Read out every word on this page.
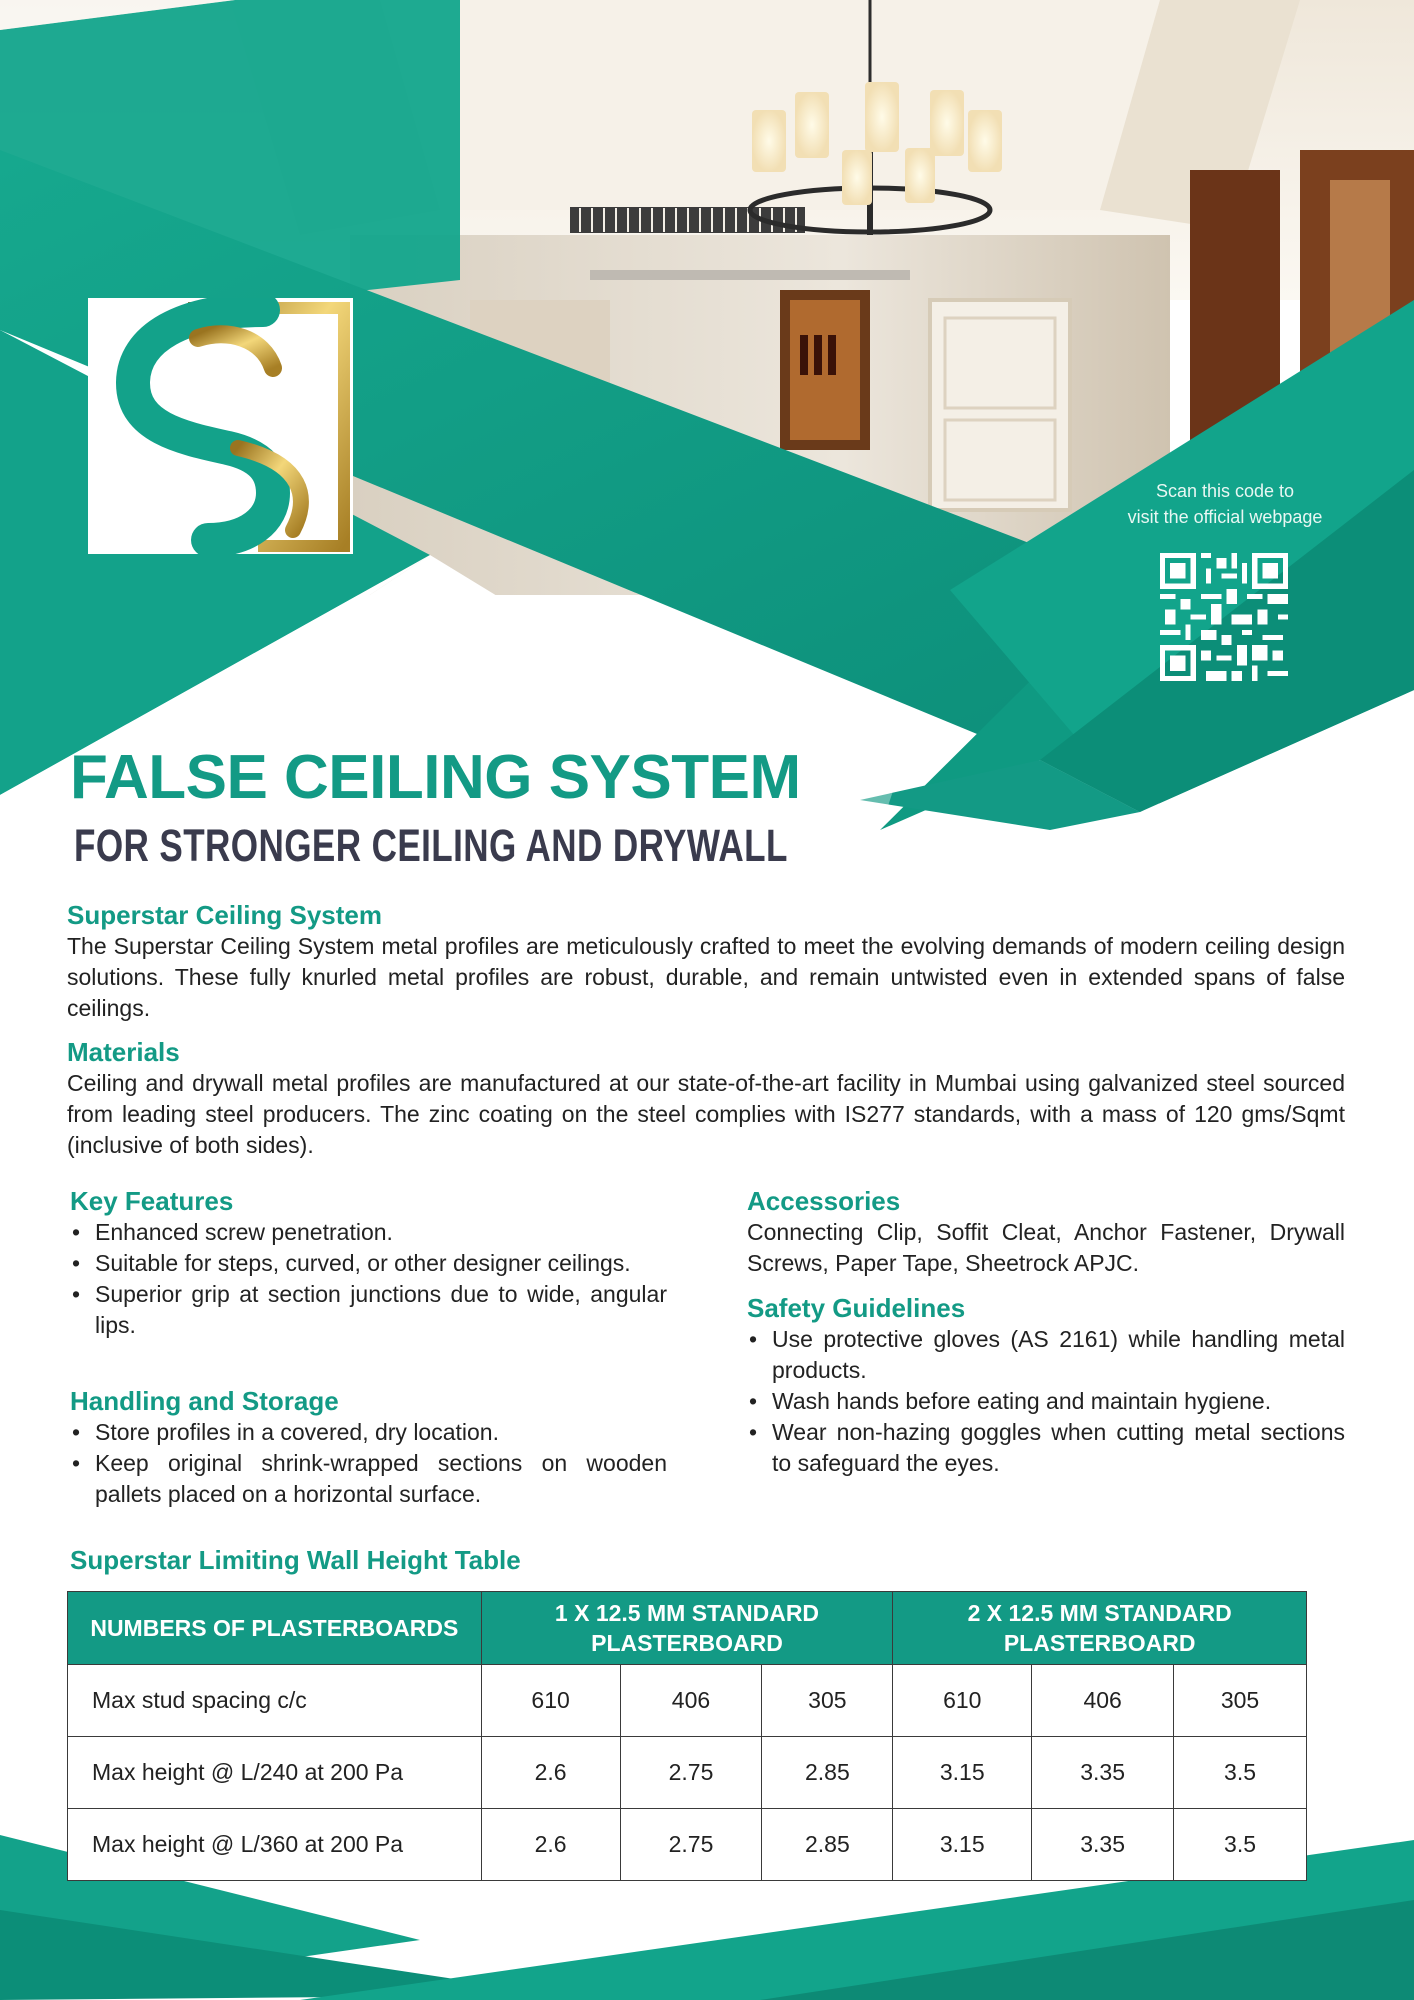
Scan this code to
visit the official webpage
FALSE CEILING SYSTEM
FOR STRONGER CEILING AND DRYWALL
Superstar Ceiling System

The Superstar Ceiling System metal profiles are meticulously crafted to meet the evolving demands of modern ceiling design solutions. These fully knurled metal profiles are robust, durable, and remain untwisted even in extended spans of false ceilings.

Materials

Ceiling and drywall metal profiles are manufactured at our state-of-the-art facility in Mumbai using galvanized steel sourced from leading steel producers. The zinc coating on the steel complies with IS277 standards, with a mass of 120 gms/Sqmt (inclusive of both sides).

Key Features
• Enhanced screw penetration.
• Suitable for steps, curved, or other designer ceilings.
• Superior grip at section junctions due to wide, angular lips.
Handling and Storage
• Store profiles in a covered, dry location.
• Keep original shrink-wrapped sections on wooden pallets placed on a horizontal surface.
Accessories

Connecting Clip, Soffit Cleat, Anchor Fastener, Drywall Screws, Paper Tape, Sheetrock APJC.

Safety Guidelines
• Use protective gloves (AS 2161) while handling metal products.
• Wash hands before eating and maintain hygiene.
• Wear non-hazing goggles when cutting metal sections to safeguard the eyes.
Superstar Limiting Wall Height Table
NUMBERS OF PLASTERBOARDS	1 X 12.5 MM STANDARD PLASTERBOARD			2 X 12.5 MM STANDARD PLASTERBOARD		
Max stud spacing c/c	610	406	305	610	406	305
Max height @ L/240 at 200 Pa	2.6	2.75	2.85	3.15	3.35	3.5
Max height @ L/360 at 200 Pa	2.6	2.75	2.85	3.15	3.35	3.5
